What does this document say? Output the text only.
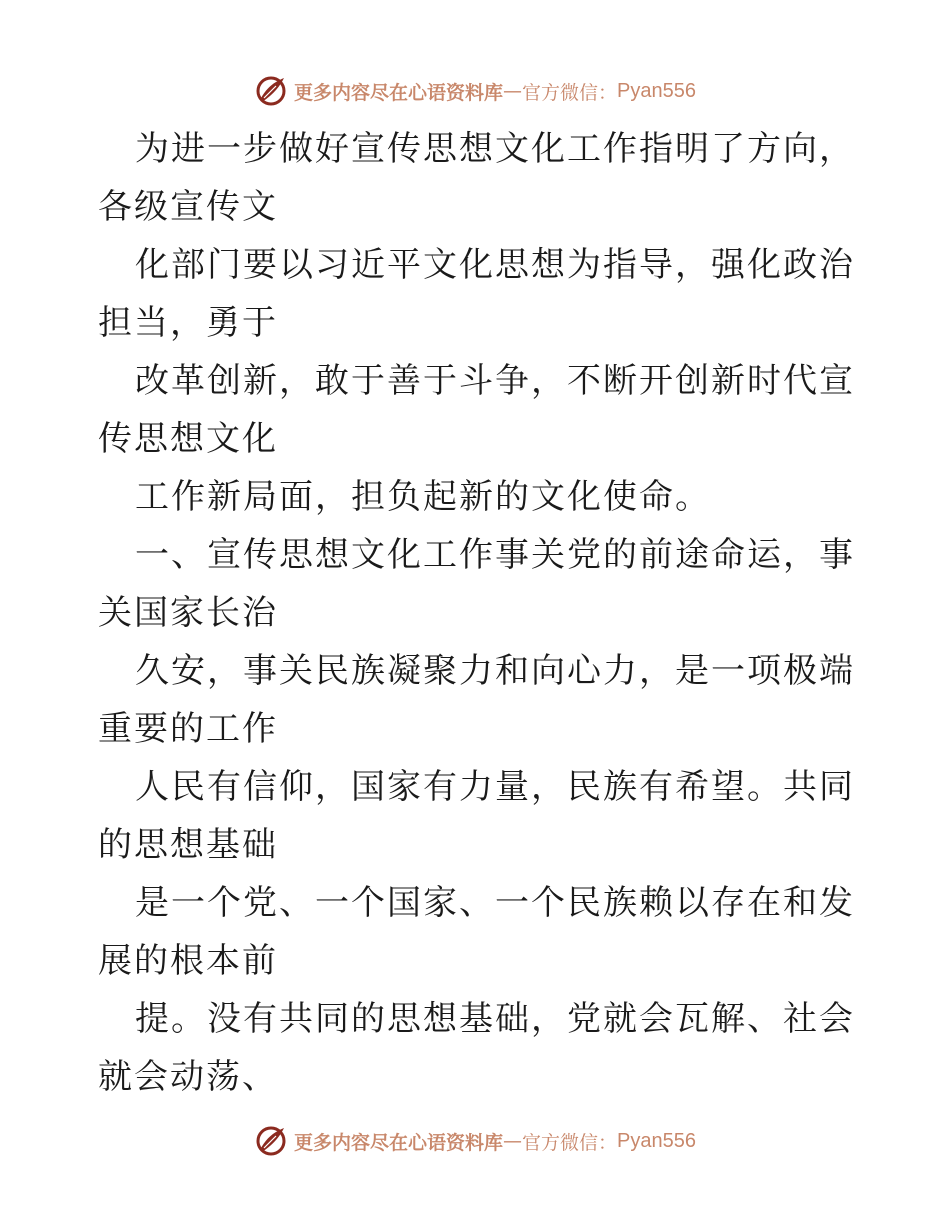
更多内容尽在心语资料库 — 官方微信： Pyan556

为进一步做好宣传思想文化工作指明了方向，各级宣传文

化部门要以习近平文化思想为指导，强化政治担当，勇于

改革创新，敢于善于斗争，不断开创新时代宣传思想文化

工作新局面，担负起新的文化使命。

一、宣传思想文化工作事关党的前途命运，事关国家长治

久安，事关民族凝聚力和向心力，是一项极端重要的工作

人民有信仰，国家有力量，民族有希望。共同的思想基础

是一个党、一个国家、一个民族赖以存在和发展的根本前

提。没有共同的思想基础，党就会瓦解、社会就会动荡、

更多内容尽在心语资料库 — 官方微信： Pyan556
